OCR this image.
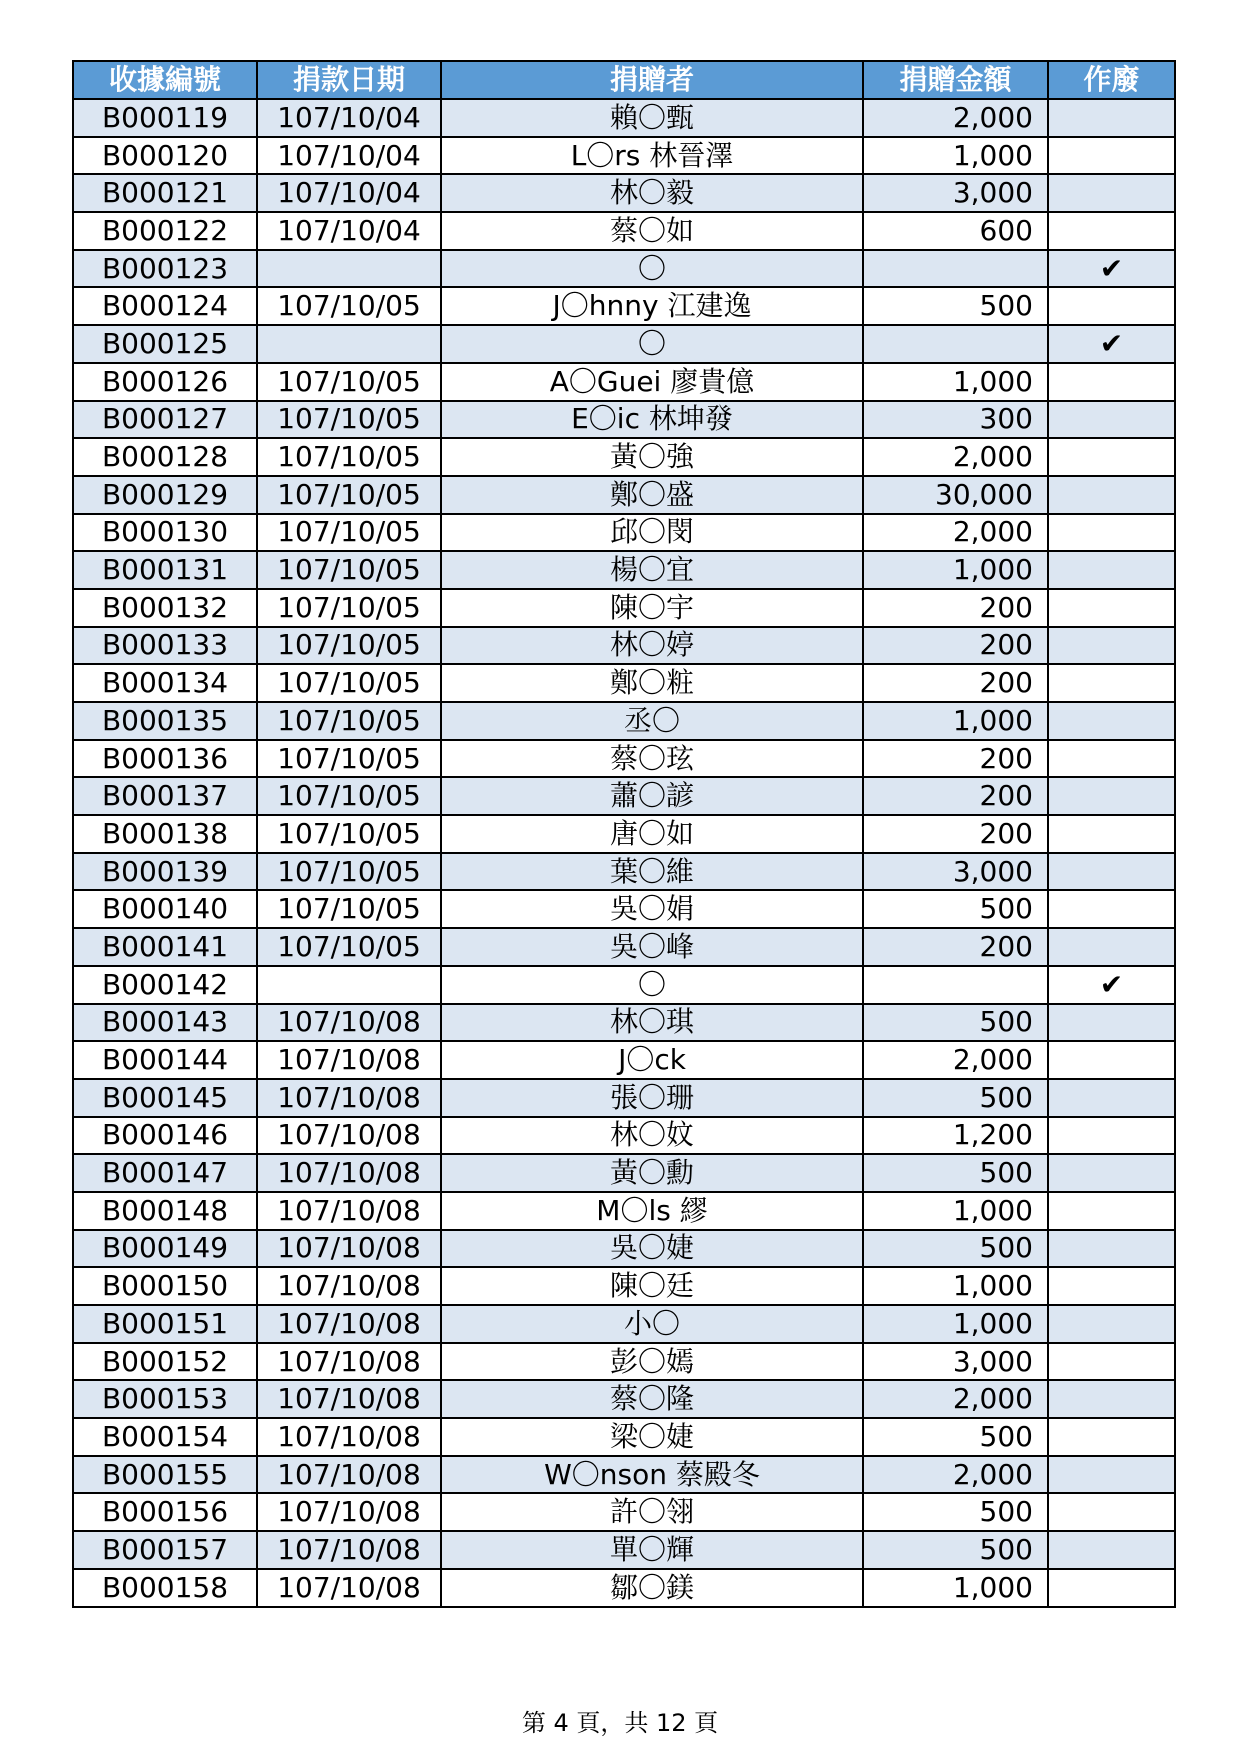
收據編號	捐款日期	捐贈者	捐贈金額	作廢
B000119	107/10/04	賴〇甄	2,000	
B000120	107/10/04	L〇rs 林晉澤	1,000	
B000121	107/10/04	林〇毅	3,000	
B000122	107/10/04	蔡〇如	600	
B000123		〇		✔
B000124	107/10/05	J〇hnny 江建逸	500	
B000125		〇		✔
B000126	107/10/05	A〇Guei 廖貴億	1,000	
B000127	107/10/05	E〇ic 林坤發	300	
B000128	107/10/05	黃〇強	2,000	
B000129	107/10/05	鄭〇盛	30,000	
B000130	107/10/05	邱〇閔	2,000	
B000131	107/10/05	楊〇宜	1,000	
B000132	107/10/05	陳〇宇	200	
B000133	107/10/05	林〇婷	200	
B000134	107/10/05	鄭〇粧	200	
B000135	107/10/05	丞〇	1,000	
B000136	107/10/05	蔡〇玹	200	
B000137	107/10/05	蕭〇諺	200	
B000138	107/10/05	唐〇如	200	
B000139	107/10/05	葉〇維	3,000	
B000140	107/10/05	吳〇娟	500	
B000141	107/10/05	吳〇峰	200	
B000142		〇		✔
B000143	107/10/08	林〇琪	500	
B000144	107/10/08	J〇ck	2,000	
B000145	107/10/08	張〇珊	500	
B000146	107/10/08	林〇妏	1,200	
B000147	107/10/08	黃〇勳	500	
B000148	107/10/08	M〇ls 繆	1,000	
B000149	107/10/08	吳〇婕	500	
B000150	107/10/08	陳〇廷	1,000	
B000151	107/10/08	小〇	1,000	
B000152	107/10/08	彭〇嫣	3,000	
B000153	107/10/08	蔡〇隆	2,000	
B000154	107/10/08	梁〇婕	500	
B000155	107/10/08	W〇nson 蔡殿冬	2,000	
B000156	107/10/08	許〇翎	500	
B000157	107/10/08	單〇輝	500	
B000158	107/10/08	鄒〇鎂	1,000	
第 4 頁，共 12 頁
